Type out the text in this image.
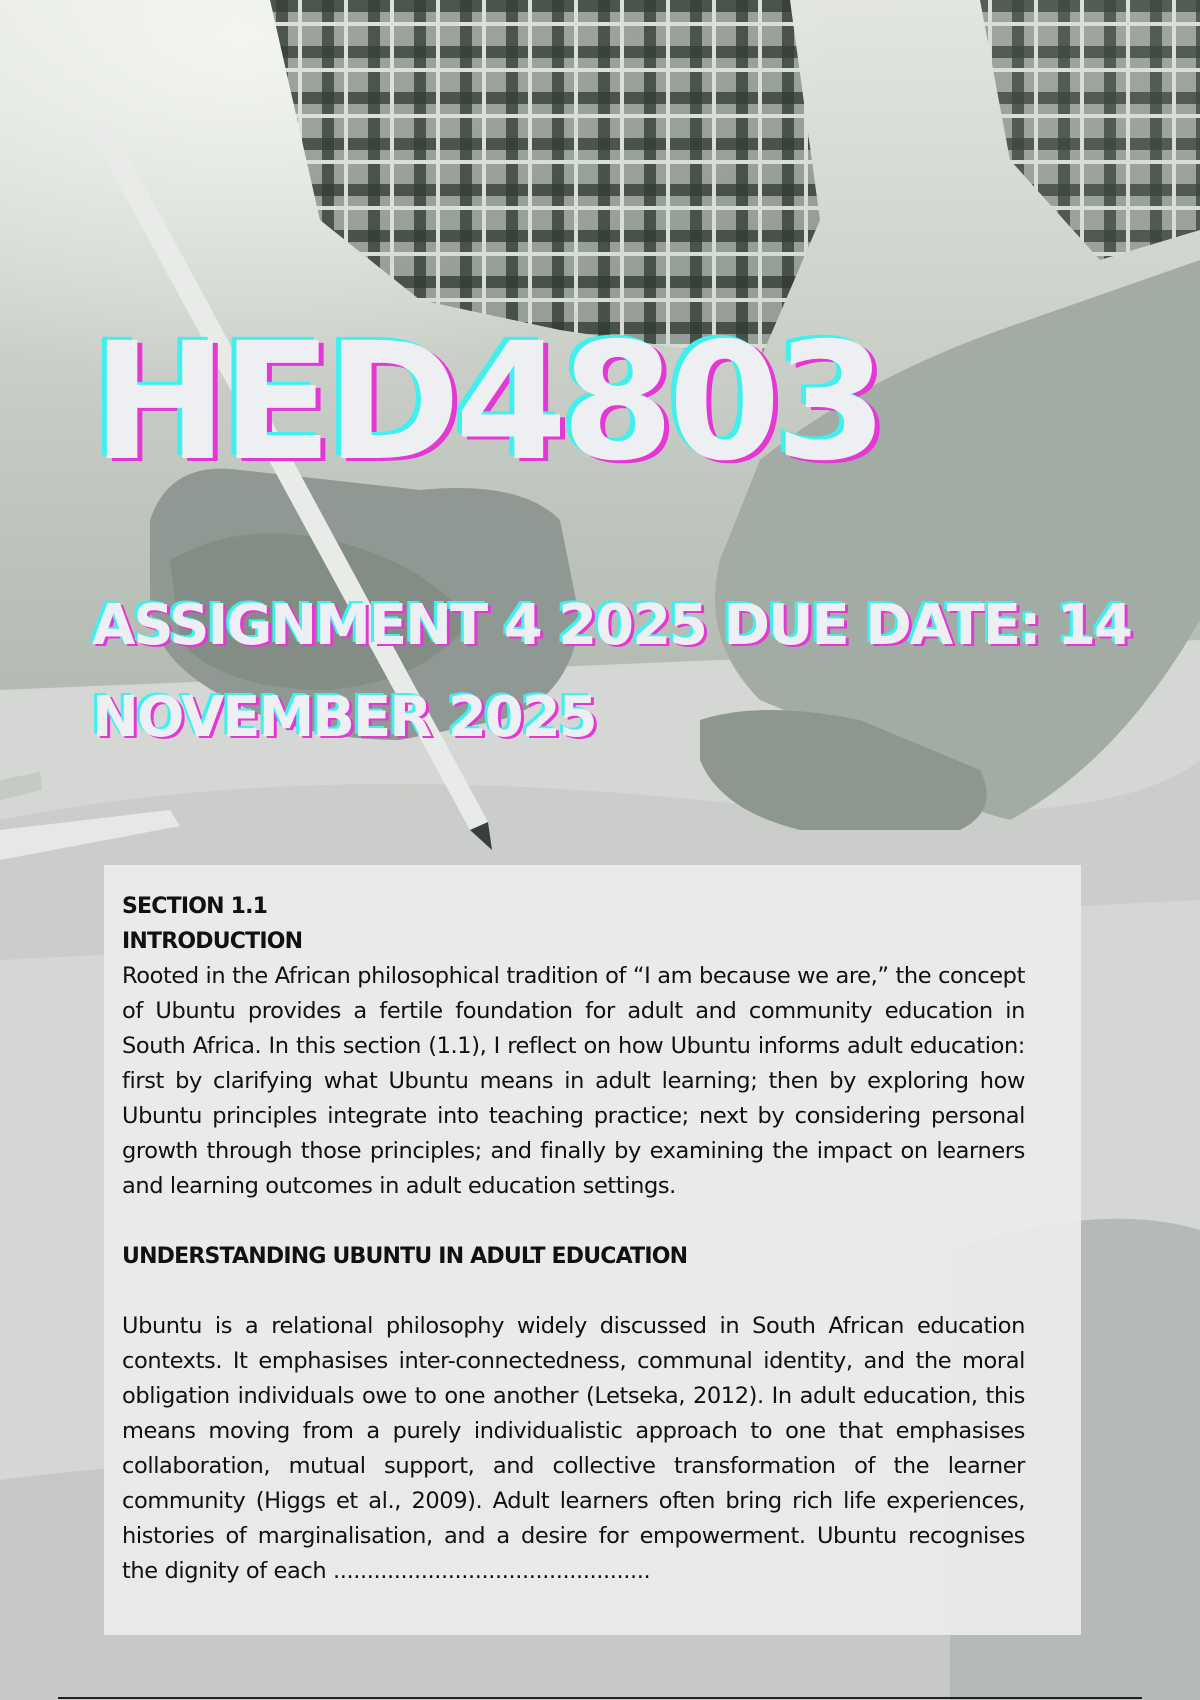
HED4803
ASSIGNMENT 4 2025 DUE DATE: 14 NOVEMBER 2025
SECTION 1.1
INTRODUCTION

Rooted in the African philosophical tradition of “I am because we are,” the concept of Ubuntu provides a fertile foundation for adult and community education in South Africa. In this section (1.1), I reflect on how Ubuntu informs adult education: first by clarifying what Ubuntu means in adult learning; then by exploring how Ubuntu principles integrate into teaching practice; next by considering personal growth through those principles; and finally by examining the impact on learners and learning outcomes in adult education settings.

UNDERSTANDING UBUNTU IN ADULT EDUCATION

Ubuntu is a relational philosophy widely discussed in South African education contexts. It emphasises inter-connectedness, communal identity, and the moral obligation individuals owe to one another (Letseka, 2012). In adult education, this means moving from a purely individualistic approach to one that emphasises collaboration, mutual support, and collective transformation of the learner community (Higgs et al., 2009). Adult learners often bring rich life experiences, histories of marginalisation, and a desire for empowerment. Ubuntu recognises the dignity of each ...............................................
